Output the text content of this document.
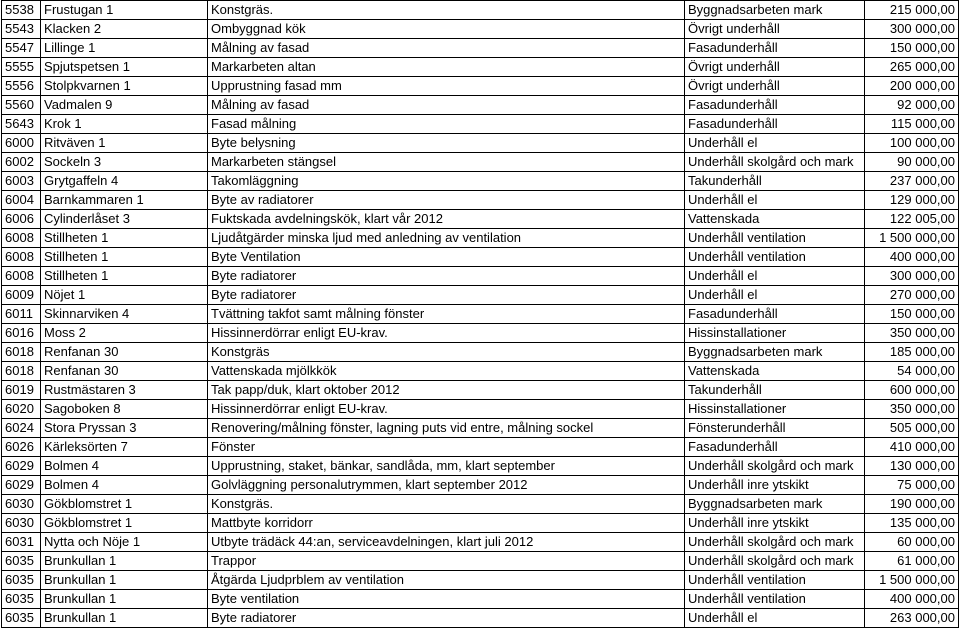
5538	Frustugan 1	Konstgräs.	Byggnadsarbeten mark	215 000,00
5543	Klacken 2	Ombyggnad kök	Övrigt underhåll	300 000,00
5547	Lillinge 1	Målning av fasad	Fasadunderhåll	150 000,00
5555	Spjutspetsen 1	Markarbeten altan	Övrigt underhåll	265 000,00
5556	Stolpkvarnen 1	Upprustning fasad mm	Övrigt underhåll	200 000,00
5560	Vadmalen 9	Målning av fasad	Fasadunderhåll	92 000,00
5643	Krok 1	Fasad målning	Fasadunderhåll	115 000,00
6000	Ritväven 1	Byte belysning	Underhåll el	100 000,00
6002	Sockeln 3	Markarbeten stängsel	Underhåll skolgård och mark	90 000,00
6003	Grytgaffeln 4	Takomläggning	Takunderhåll	237 000,00
6004	Barnkammaren 1	Byte av radiatorer	Underhåll el	129 000,00
6006	Cylinderlåset 3	Fuktskada avdelningskök, klart vår 2012	Vattenskada	122 005,00
6008	Stillheten 1	Ljudåtgärder minska ljud med anledning av ventilation	Underhåll ventilation	1 500 000,00
6008	Stillheten 1	Byte Ventilation	Underhåll ventilation	400 000,00
6008	Stillheten 1	Byte radiatorer	Underhåll el	300 000,00
6009	Nöjet 1	Byte radiatorer	Underhåll el	270 000,00
6011	Skinnarviken 4	Tvättning takfot samt målning fönster	Fasadunderhåll	150 000,00
6016	Moss 2	Hissinnerdörrar enligt EU-krav.	Hissinstallationer	350 000,00
6018	Renfanan 30	Konstgräs	Byggnadsarbeten mark	185 000,00
6018	Renfanan 30	Vattenskada mjölkkök	Vattenskada	54 000,00
6019	Rustmästaren 3	Tak papp/duk, klart oktober 2012	Takunderhåll	600 000,00
6020	Sagoboken 8	Hissinnerdörrar enligt EU-krav.	Hissinstallationer	350 000,00
6024	Stora Pryssan 3	Renovering/målning fönster, lagning puts vid entre, målning sockel	Fönsterunderhåll	505 000,00
6026	Kärleksörten 7	Fönster	Fasadunderhåll	410 000,00
6029	Bolmen 4	Upprustning, staket, bänkar, sandlåda, mm, klart september	Underhåll skolgård och mark	130 000,00
6029	Bolmen 4	Golvläggning personalutrymmen, klart september 2012	Underhåll inre ytskikt	75 000,00
6030	Gökblomstret 1	Konstgräs.	Byggnadsarbeten mark	190 000,00
6030	Gökblomstret 1	Mattbyte korridorr	Underhåll inre ytskikt	135 000,00
6031	Nytta och Nöje 1	Utbyte trädäck 44:an, serviceavdelningen, klart juli 2012	Underhåll skolgård och mark	60 000,00
6035	Brunkullan 1	Trappor	Underhåll skolgård och mark	61 000,00
6035	Brunkullan 1	Åtgärda Ljudprblem av ventilation	Underhåll ventilation	1 500 000,00
6035	Brunkullan 1	Byte ventilation	Underhåll ventilation	400 000,00
6035	Brunkullan 1	Byte radiatorer	Underhåll el	263 000,00
